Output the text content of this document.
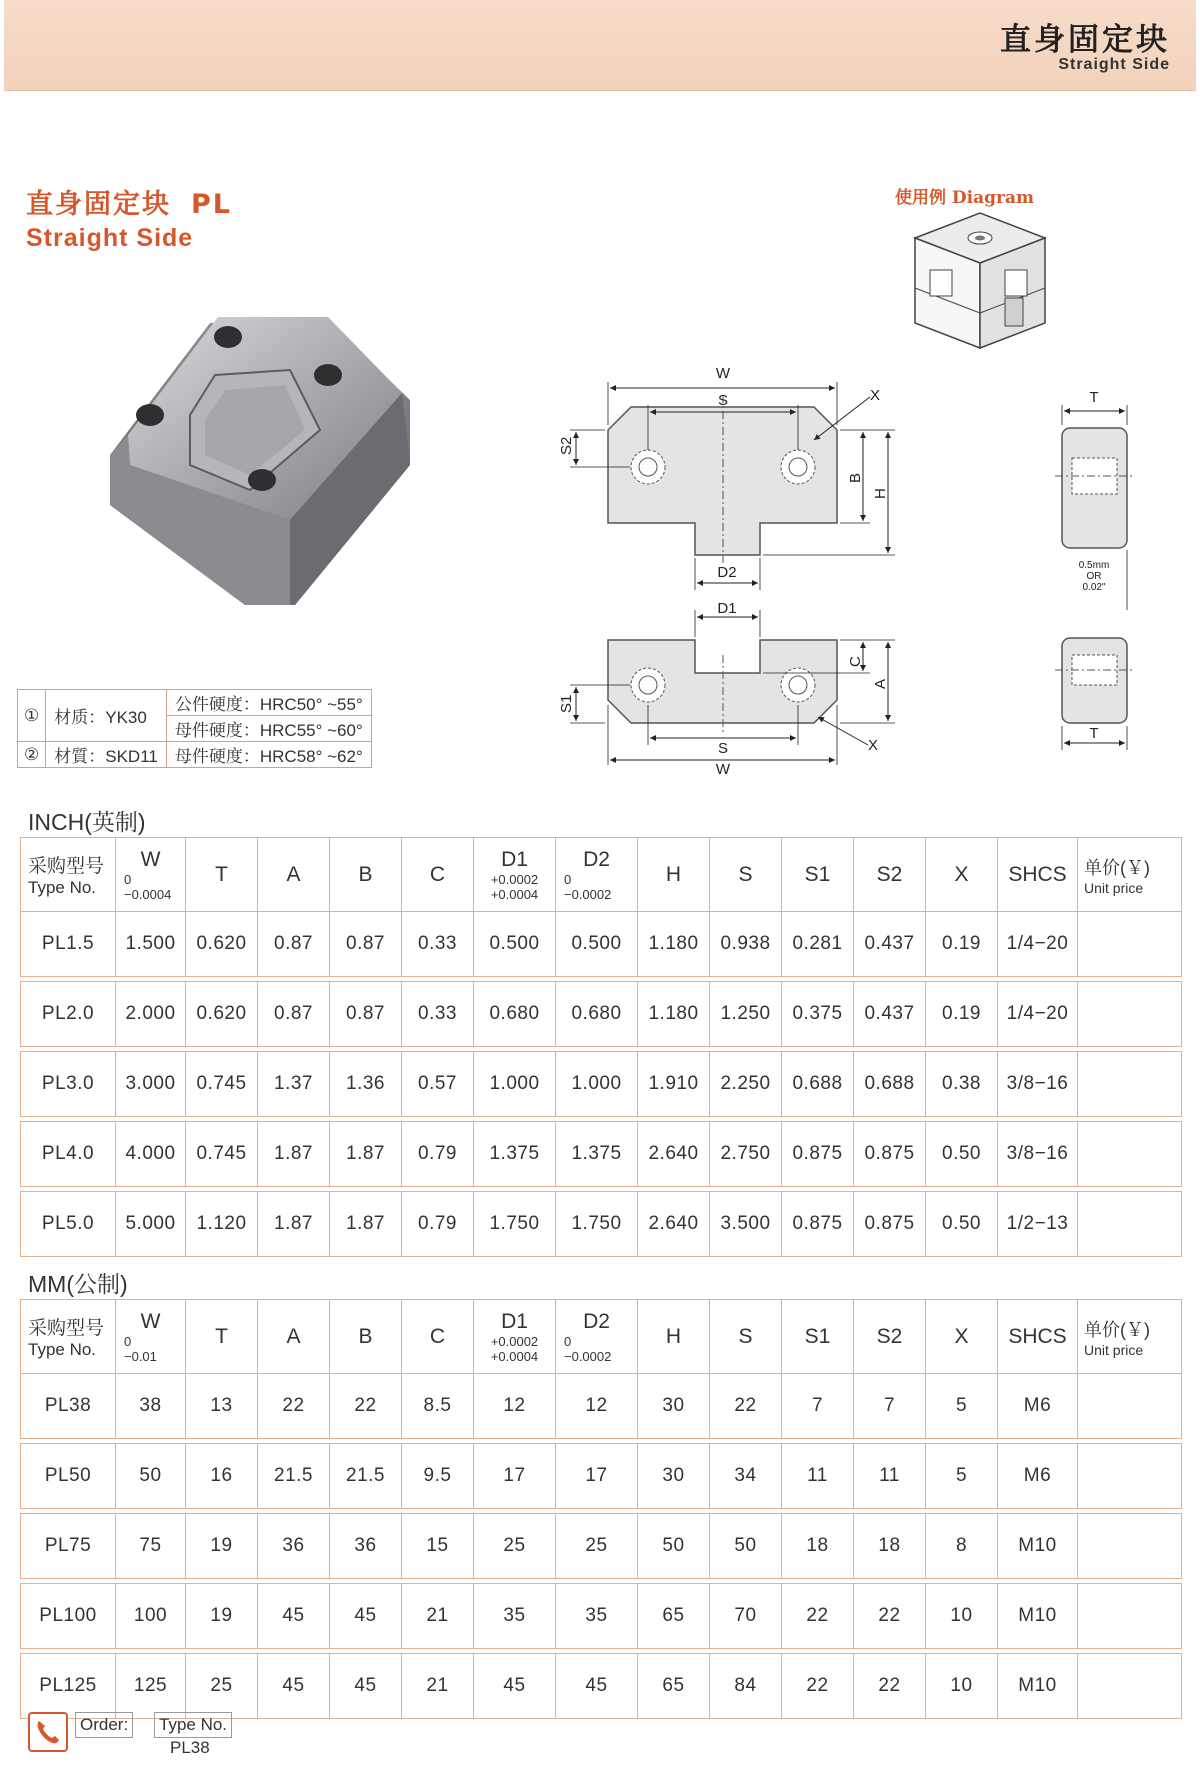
直身固定块
Straight Side
直身固定块 PL
Straight Side
使用例 Diagram
W
S	X
S2
B
H
D2
D1
C
A
S1
S
W
X
T
0.5mm
OR
0.02"
T
①	材质：YK30	公件硬度：HRC50° ~55°
		母件硬度：HRC55° ~60°
②	材質：SKD11	母件硬度：HRC58° ~62°
INCH(英制)
采购型号
Type No.	W
0
−0.0004	T	A	B	C	D1
+0.0002
+0.0004	D2
0
−0.0002	H	S	S1	S2	X	SHCS	单价(￥)
Unit price

PL1.5	1.500	0.620	0.87	0.87	0.33	0.500	0.500	1.180	0.938	0.281	0.437	0.19	1/4−20	

PL2.0	2.000	0.620	0.87	0.87	0.33	0.680	0.680	1.180	1.250	0.375	0.437	0.19	1/4−20	

PL3.0	3.000	0.745	1.37	1.36	0.57	1.000	1.000	1.910	2.250	0.688	0.688	0.38	3/8−16	

PL4.0	4.000	0.745	1.87	1.87	0.79	1.375	1.375	2.640	2.750	0.875	0.875	0.50	3/8−16	

PL5.0	5.000	1.120	1.87	1.87	0.79	1.750	1.750	2.640	3.500	0.875	0.875	0.50	1/2−13	
MM(公制)
采购型号
Type No.	W
0
−0.01	T	A	B	C	D1
+0.0002
+0.0004	D2
0
−0.0002	H	S	S1	S2	X	SHCS	单价(￥)
Unit price

PL38	38	13	22	22	8.5	12	12	30	22	7	7	5	M6	

PL50	50	16	21.5	21.5	9.5	17	17	30	34	11	11	5	M6	

PL75	75	19	36	36	15	25	25	50	50	18	18	8	M10	

PL100	100	19	45	45	21	35	35	65	70	22	22	10	M10	

PL125	125	25	45	45	21	45	45	65	84	22	22	10	M10	
Order: Type No.
PL38
